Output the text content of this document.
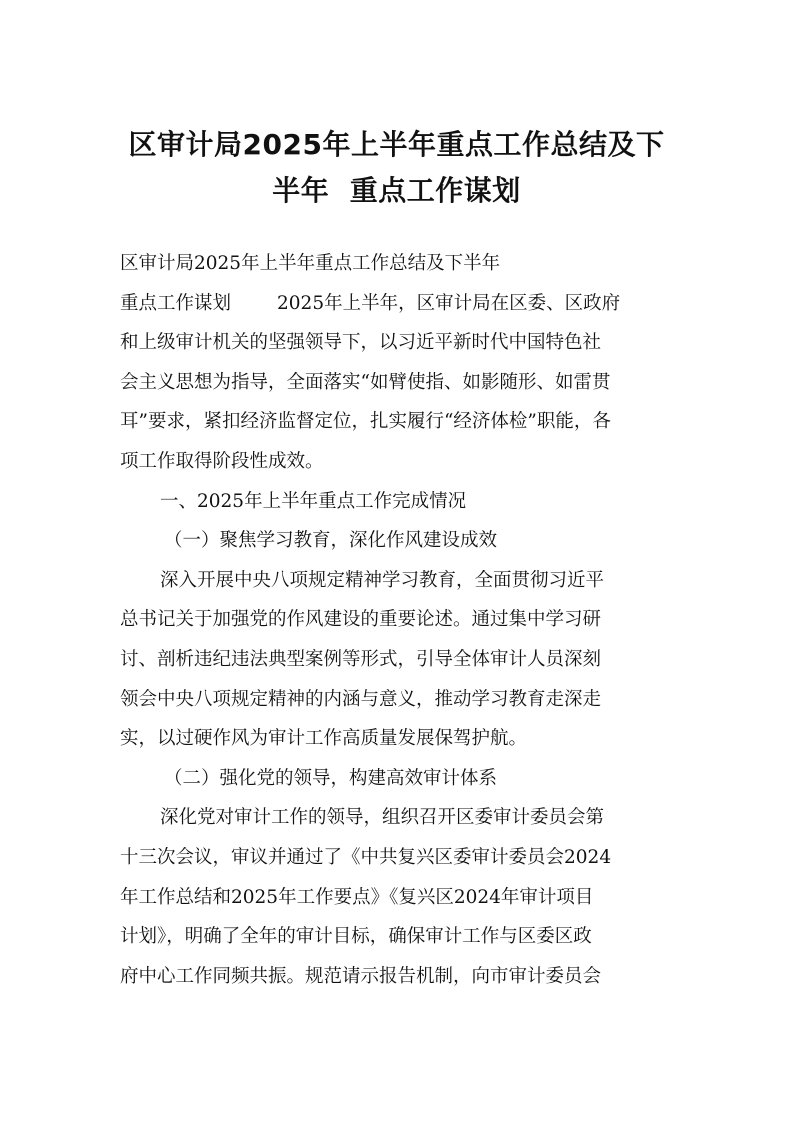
区审计局2025年上半年重点工作总结及下
半年  重点工作谋划

区审计局2025年上半年重点工作总结及下半年

重点工作谋划 2025年上半年，区审计局在区委、区政府

和上级审计机关的坚强领导下，以习近平新时代中国特色社

会主义思想为指导，全面落实“如臂使指、如影随形、如雷贯

耳”要求，紧扣经济监督定位，扎实履行“经济体检”职能，各

项工作取得阶段性成效。

一、2025年上半年重点工作完成情况

（一）聚焦学习教育，深化作风建设成效

深入开展中央八项规定精神学习教育，全面贯彻习近平

总书记关于加强党的作风建设的重要论述。通过集中学习研

讨、剖析违纪违法典型案例等形式，引导全体审计人员深刻

领会中央八项规定精神的内涵与意义，推动学习教育走深走

实，以过硬作风为审计工作高质量发展保驾护航。

（二）强化党的领导，构建高效审计体系

深化党对审计工作的领导，组织召开区委审计委员会第

十三次会议，审议并通过了《中共复兴区委审计委员会2024

年工作总结和2025年工作要点》《复兴区2024年审计项目

计划》，明确了全年的审计目标，确保审计工作与区委区政

府中心工作同频共振。规范请示报告机制，向市审计委员会
